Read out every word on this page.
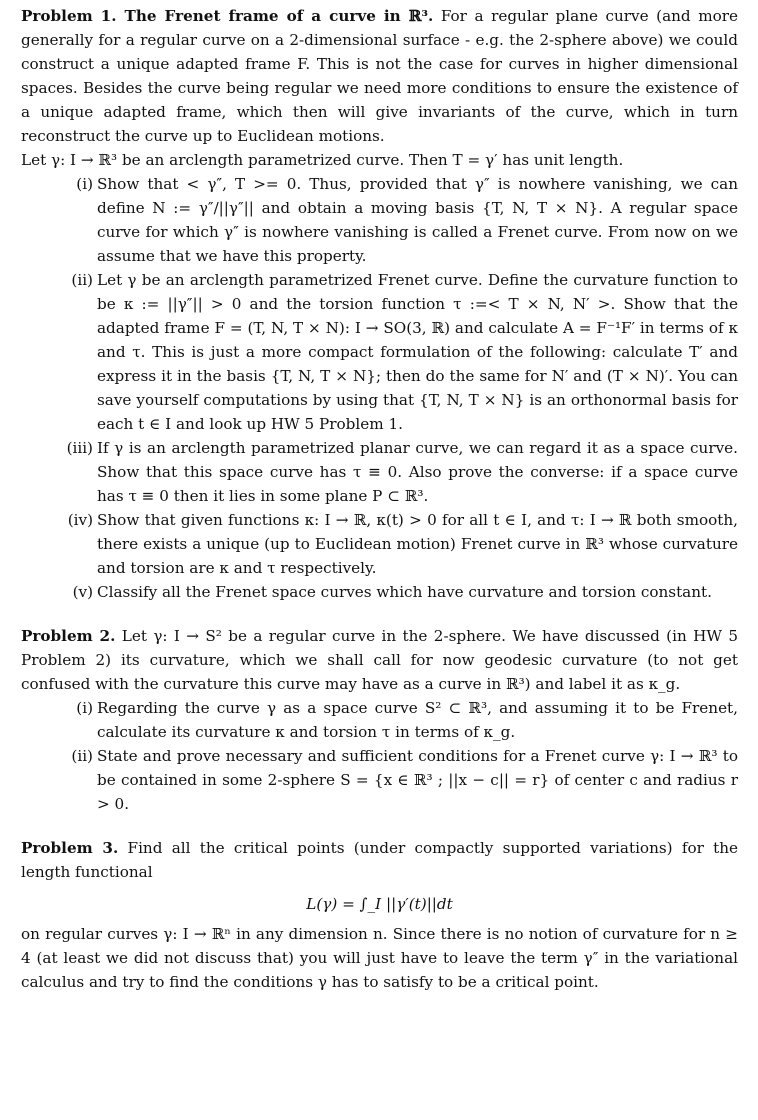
Problem 1. The Frenet frame of a curve in ℝ³. For a regular plane curve (and more generally for a regular curve on a 2-dimensional surface - e.g. the 2-sphere above) we could construct a unique adapted frame F. This is not the case for curves in higher dimensional spaces. Besides the curve being regular we need more conditions to ensure the existence of a unique adapted frame, which then will give invariants of the curve, which in turn reconstruct the curve up to Euclidean motions.

Let γ: I → ℝ³ be an arclength parametrized curve. Then T = γ′ has unit length.

(i) Show that < γ″, T >= 0. Thus, provided that γ″ is nowhere vanishing, we can define N := γ″/||γ″|| and obtain a moving basis {T, N, T × N}. A regular space curve for which γ″ is nowhere vanishing is called a Frenet curve. From now on we assume that we have this property.
(ii) Let γ be an arclength parametrized Frenet curve. Define the curvature function to be κ := ||γ″|| > 0 and the torsion function τ :=< T × N, N′ >. Show that the adapted frame F = (T, N, T × N): I → SO(3, ℝ) and calculate A = F⁻¹F′ in terms of κ and τ. This is just a more compact formulation of the following: calculate T′ and express it in the basis {T, N, T × N}; then do the same for N′ and (T × N)′. You can save yourself computations by using that {T, N, T × N} is an orthonormal basis for each t ∈ I and look up HW 5 Problem 1.
(iii) If γ is an arclength parametrized planar curve, we can regard it as a space curve. Show that this space curve has τ ≡ 0. Also prove the converse: if a space curve has τ ≡ 0 then it lies in some plane P ⊂ ℝ³.
(iv) Show that given functions κ: I → ℝ, κ(t) > 0 for all t ∈ I, and τ: I → ℝ both smooth, there exists a unique (up to Euclidean motion) Frenet curve in ℝ³ whose curvature and torsion are κ and τ respectively.
(v) Classify all the Frenet space curves which have curvature and torsion constant.

Problem 2. Let γ: I → S² be a regular curve in the 2-sphere. We have discussed (in HW 5 Problem 2) its curvature, which we shall call for now geodesic curvature (to not get confused with the curvature this curve may have as a curve in ℝ³) and label it as κ_g.

(i) Regarding the curve γ as a space curve S² ⊂ ℝ³, and assuming it to be Frenet, calculate its curvature κ and torsion τ in terms of κ_g.
(ii) State and prove necessary and sufficient conditions for a Frenet curve γ: I → ℝ³ to be contained in some 2-sphere S = {x ∈ ℝ³ ; ||x − c|| = r} of center c and radius r > 0.

Problem 3. Find all the critical points (under compactly supported variations) for the length functional

L(γ) = ∫_I ||γ′(t)||dt

on regular curves γ: I → ℝⁿ in any dimension n. Since there is no notion of curvature for n ≥ 4 (at least we did not discuss that) you will just have to leave the term γ″ in the variational calculus and try to find the conditions γ has to satisfy to be a critical point.
